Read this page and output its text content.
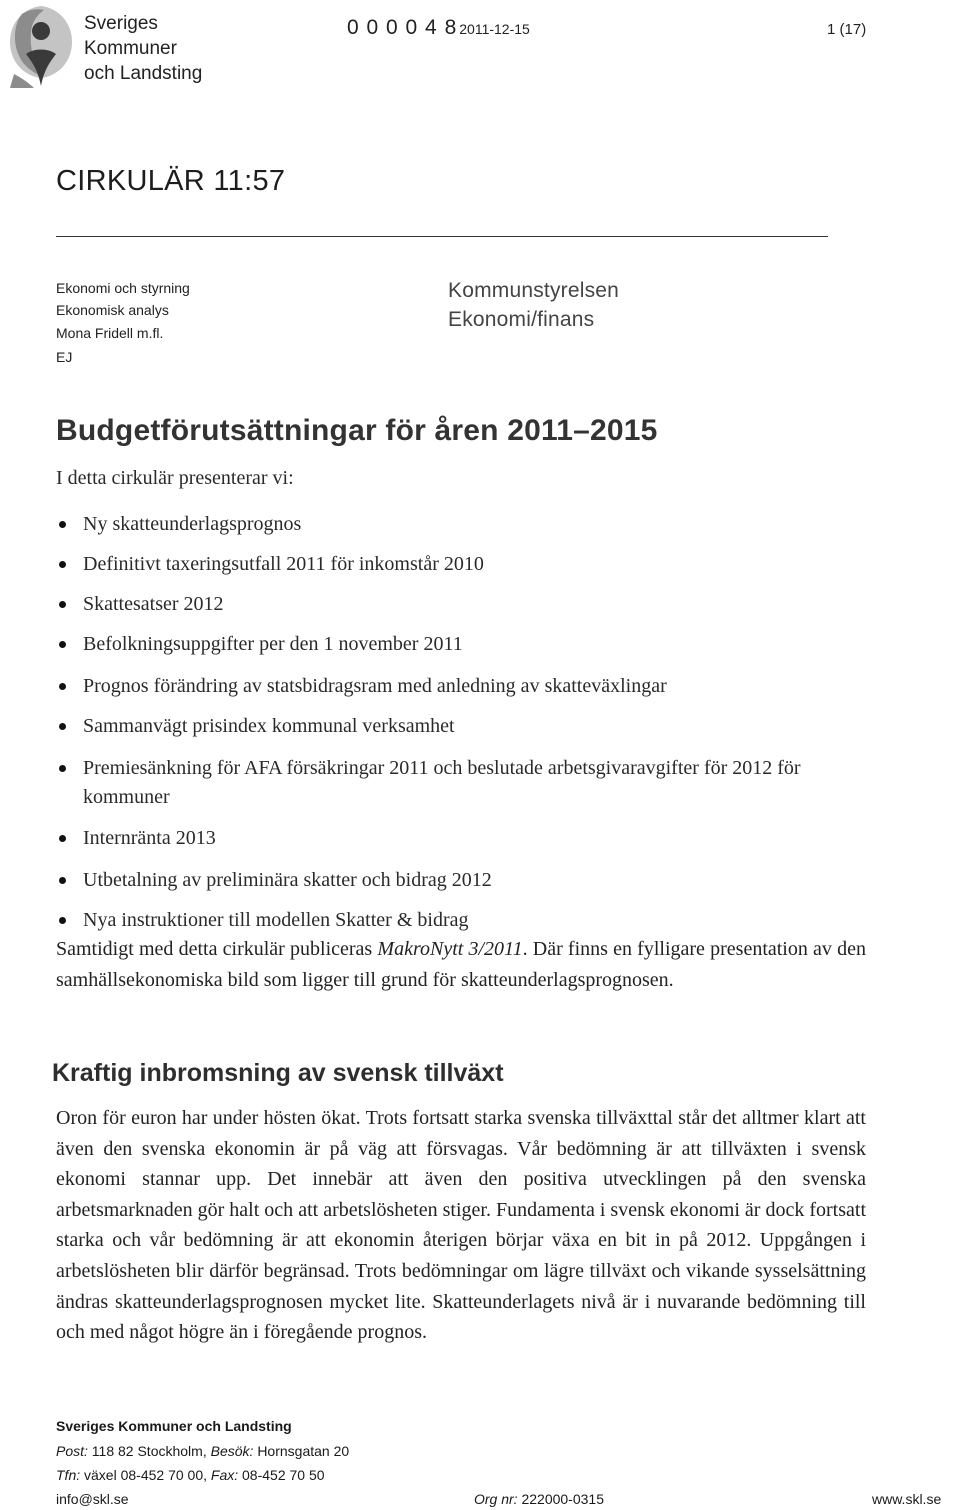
Sveriges
Kommuner
och Landsting
0 0 0 0 4 8 2011-12-15	1 (17)
CIRKULÄR 11:57
Ekonomi och styrning
Ekonomisk analys
Mona Fridell m.fl.
EJ
Kommunstyrelsen
Ekonomi/finans
Budgetförutsättningar för åren 2011–2015
I detta cirkulär presenterar vi:
Ny skatteunderlagsprognos
Definitivt taxeringsutfall 2011 för inkomstår 2010
Skattesatser 2012
Befolkningsuppgifter per den 1 november 2011
Prognos förändring av statsbidragsram med anledning av skatteväxlingar
Sammanvägt prisindex kommunal verksamhet
Premiesänkning för AFA försäkringar 2011 och beslutade arbetsgivaravgifter för 2012 för kommuner
Internränta 2013
Utbetalning av preliminära skatter och bidrag 2012
Nya instruktioner till modellen Skatter & bidrag

Samtidigt med detta cirkulär publiceras MakroNytt 3/2011. Där finns en fylligare presentation av den samhällsekonomiska bild som ligger till grund för skatteunderlagsprognosen.

Kraftig inbromsning av svensk tillväxt

Oron för euron har under hösten ökat. Trots fortsatt starka svenska tillväxttal står det alltmer klart att även den svenska ekonomin är på väg att försvagas. Vår bedömning är att tillväxten i svensk ekonomi stannar upp. Det innebär att även den positiva utvecklingen på den svenska arbetsmarknaden gör halt och att arbetslösheten stiger. Fundamenta i svensk ekonomi är dock fortsatt starka och vår bedömning är att ekonomin återigen börjar växa en bit in på 2012. Uppgången i arbetslösheten blir därför begränsad. Trots bedömningar om lägre tillväxt och vikande sysselsättning ändras skatteunderlagsprognosen mycket lite. Skatteunderlagets nivå är i nuvarande bedömning till och med något högre än i föregående prognos.

Sveriges Kommuner och Landsting
Post: 118 82 Stockholm, Besök: Hornsgatan 20
Tfn: växel 08-452 70 00, Fax: 08-452 70 50
info@skl.se	Org nr: 222000-0315	www.skl.se
